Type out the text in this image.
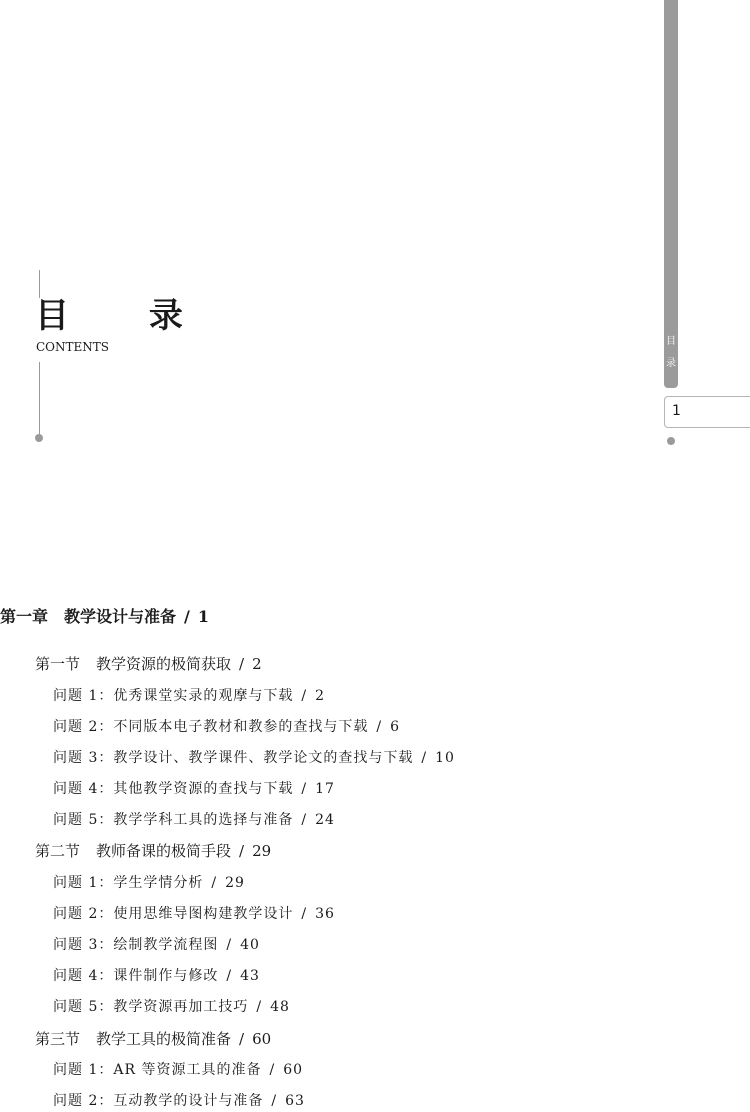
目 录
CONTENTS	目
录
1
第一章 教学设计与准备 / 1
第一节 教学资源的极简获取 / 2
问题 1：优秀课堂实录的观摩与下载 / 2
问题 2：不同版本电子教材和教参的查找与下载 / 6
问题 3：教学设计、教学课件、教学论文的查找与下载 / 10
问题 4：其他教学资源的查找与下载 / 17
问题 5：教学学科工具的选择与准备 / 24
第二节 教师备课的极简手段 / 29
问题 1：学生学情分析 / 29
问题 2：使用思维导图构建教学设计 / 36
问题 3：绘制教学流程图 / 40
问题 4：课件制作与修改 / 43
问题 5：教学资源再加工技巧 / 48
第三节 教学工具的极简准备 / 60
问题 1：AR 等资源工具的准备 / 60
问题 2：互动教学的设计与准备 / 63
